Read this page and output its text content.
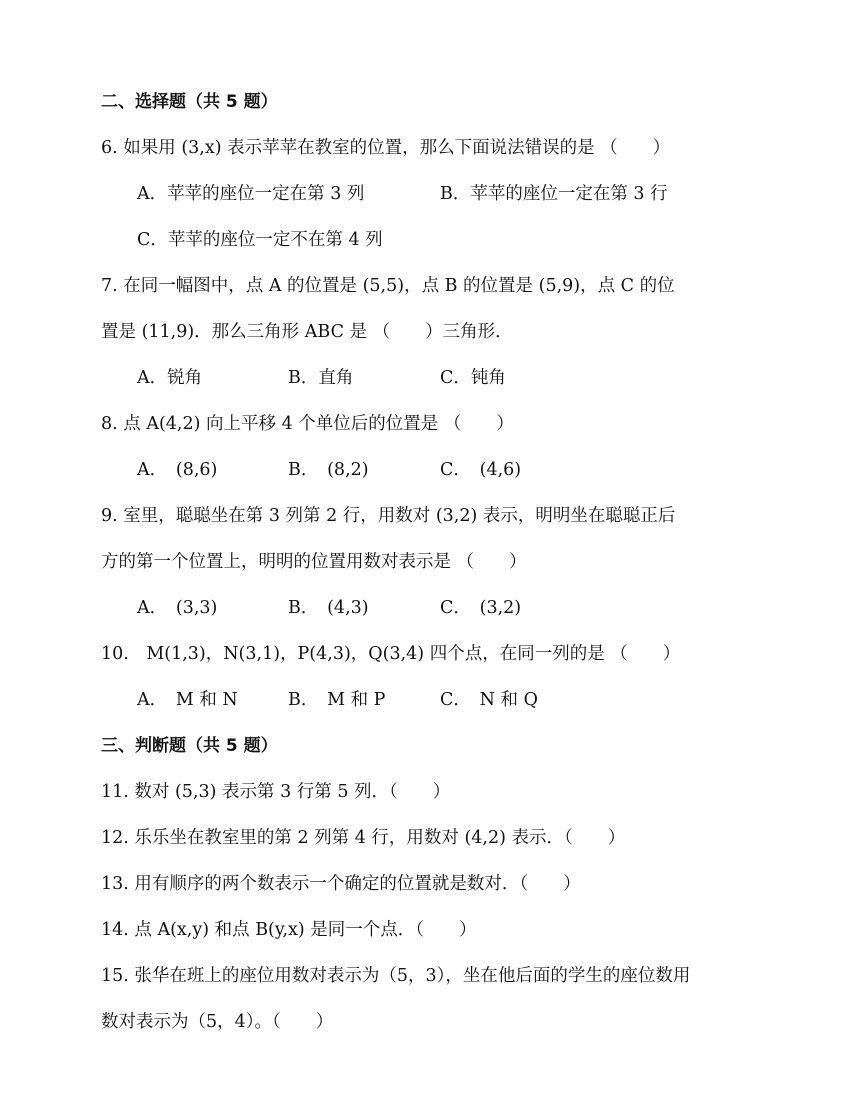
二、选择题（共 5 题）
6. 如果用 (3,x) 表示苹苹在教室的位置，那么下面说法错误的是 （　　）
A．苹苹的座位一定在第 3 列	B．苹苹的座位一定在第 3 行
C．苹苹的座位一定不在第 4 列
7. 在同一幅图中，点 A 的位置是 (5,5)，点 B 的位置是 (5,9)，点 C 的位
置是 (11,9)．那么三角形 ABC 是 （　　）三角形．
A．锐角	B．直角	C．钝角
8. 点 A(4,2) 向上平移 4 个单位后的位置是 （　　）
A．　(8,6)	B．　(8,2)	C．　(4,6)
9. 室里，聪聪坐在第 3 列第 2 行，用数对 (3,2) 表示，明明坐在聪聪正后
方的第一个位置上，明明的位置用数对表示是 （　　）
A．　(3,3)	B．　(4,3)	C．　(3,2)
10.　M(1,3)，N(3,1)，P(4,3)，Q(3,4) 四个点，在同一列的是 （　　）
A．　M 和 N	B．　M 和 P	C．　N 和 Q
三、判断题（共 5 题）
11. 数对 (5,3) 表示第 3 行第 5 列．（　　）
12. 乐乐坐在教室里的第 2 列第 4 行，用数对 (4,2) 表示．（　　）
13. 用有顺序的两个数表示一个确定的位置就是数对．（　　）
14. 点 A(x,y) 和点 B(y,x) 是同一个点．（　　）
15. 张华在班上的座位用数对表示为（5，3），坐在他后面的学生的座位数用
数对表示为（5，4）。（　　）
